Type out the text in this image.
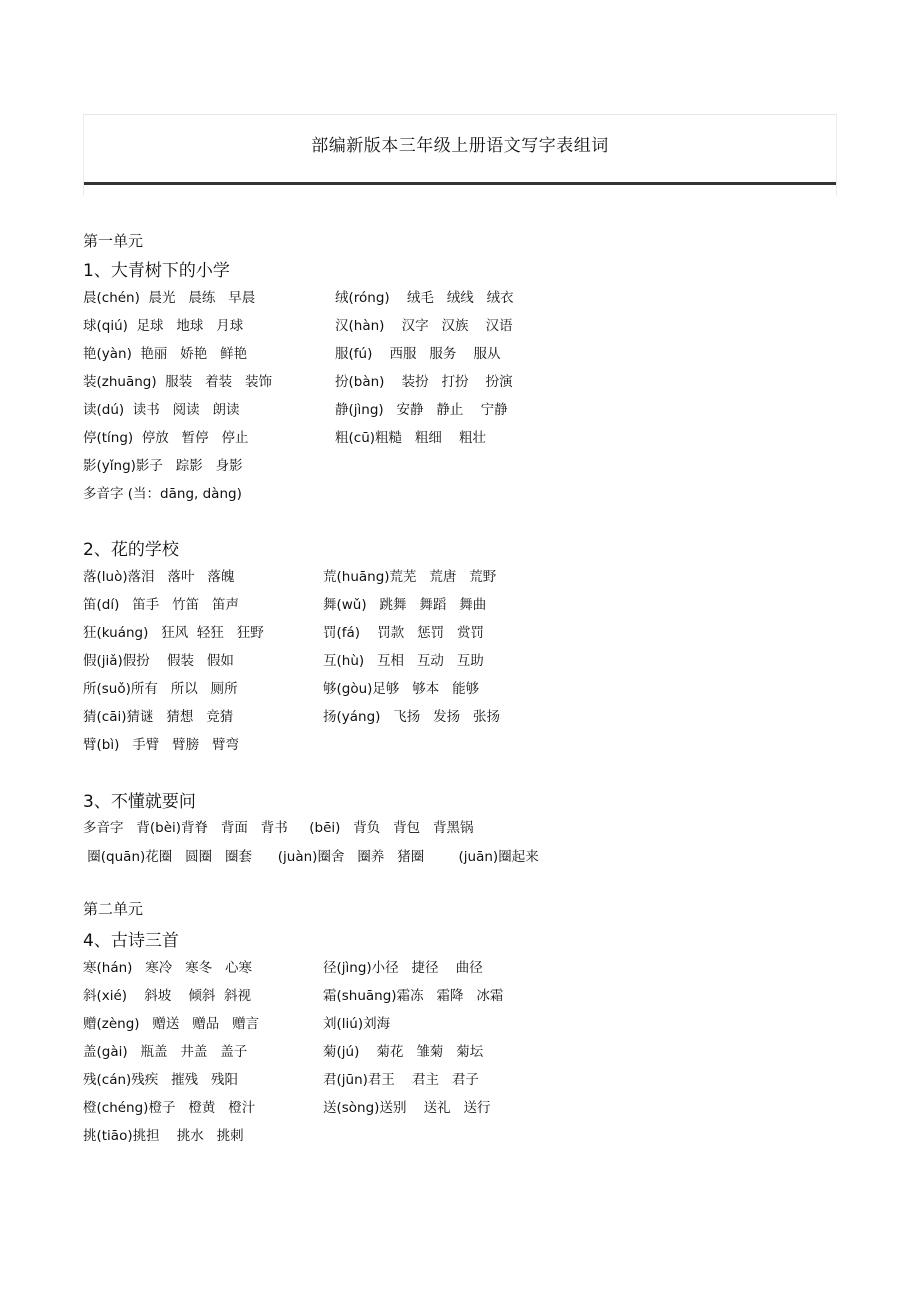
部编新版本三年级上册语文写字表组词
第一单元
1、大青树下的小学
晨(chén)  晨光   晨练   早晨	绒(róng)    绒毛   绒线   绒衣
球(qiú)  足球   地球   月球	汉(hàn)    汉字   汉族    汉语
艳(yàn)  艳丽   娇艳   鲜艳	服(fú)    西服   服务    服从
装(zhuāng)  服装   着装   装饰	扮(bàn)    装扮   打扮    扮演
读(dú)  读书   阅读   朗读	静(jìng)   安静   静止    宁静
停(tíng)  停放   暂停   停止	粗(cū)粗糙   粗细    粗壮
影(yǐng)影子   踪影   身影
多音字 (当：dāng, dàng)
2、花的学校
落(luò)落泪   落叶   落魄	荒(huāng)荒芜   荒唐   荒野
笛(dí)   笛手   竹笛   笛声	舞(wǔ)   跳舞   舞蹈   舞曲
狂(kuáng)   狂风  轻狂   狂野	罚(fá)    罚款   惩罚   赏罚
假(jiǎ)假扮    假装   假如	互(hù)   互相   互动   互助
所(suǒ)所有   所以   厕所	够(gòu)足够   够本   能够
猜(cāi)猜谜   猜想   竞猜	扬(yáng)   飞扬   发扬   张扬
臂(bì)   手臂   臂膀   臂弯
3、不懂就要问
多音字   背(bèi)背脊   背面   背书     (bēi)   背负   背包   背黑锅
圈(quān)花圈   圆圈   圈套      (juàn)圈舍   圈养   猪圈        (juān)圈起来
第二单元
4、古诗三首
寒(hán)   寒冷   寒冬   心寒	径(jìng)小径   捷径    曲径
斜(xié)    斜坡    倾斜  斜视	霜(shuāng)霜冻   霜降   冰霜
赠(zèng)   赠送   赠品   赠言	刘(liú)刘海
盖(gài)   瓶盖   井盖   盖子	菊(jú)    菊花   雏菊   菊坛
残(cán)残疾   摧残   残阳	君(jūn)君王    君主   君子
橙(chéng)橙子   橙黄   橙汁	送(sòng)送别    送礼   送行
挑(tiāo)挑担    挑水   挑刺
